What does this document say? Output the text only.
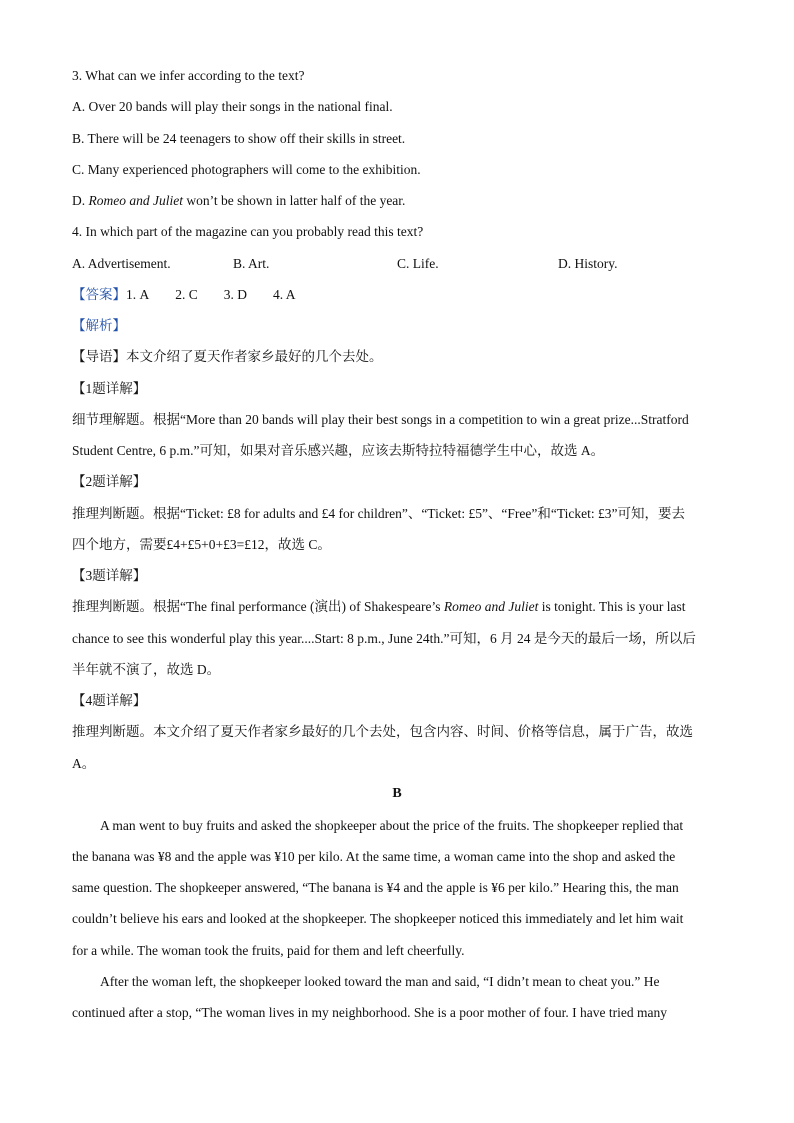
3. What can we infer according to the text?
A. Over 20 bands will play their songs in the national final.
B. There will be 24 teenagers to show off their skills in street.
C. Many experienced photographers will come to the exhibition.
D. Romeo and Juliet won’t be shown in latter half of the year.
4. In which part of the magazine can you probably read this text?
A. Advertisement.	B. Art.	C. Life.	D. History.
【答案】1. A 2. C 3. D 4. A
【解析】
【导语】本文介绍了夏天作者家乡最好的几个去处。
【1题详解】
细节理解题。根据“More than 20 bands will play their best songs in a competition to win a great prize...Stratford
Student Centre, 6 p.m.”可知，如果对音乐感兴趣，应该去斯特拉特福德学生中心，故选 A。
【2题详解】
推理判断题。根据“Ticket: £8 for adults and £4 for children”、“Ticket: £5”、“Free”和“Ticket: £3”可知，要去
四个地方，需要£4+£5+0+£3=£12，故选 C。
【3题详解】
推理判断题。根据“The final performance (演出) of Shakespeare’s Romeo and Juliet is tonight. This is your last
chance to see this wonderful play this year....Start: 8 p.m., June 24th.”可知，6 月 24 是今天的最后一场，所以后
半年就不演了，故选 D。
【4题详解】
推理判断题。本文介绍了夏天作者家乡最好的几个去处，包含内容、时间、价格等信息，属于广告，故选
A。
B
A man went to buy fruits and asked the shopkeeper about the price of the fruits. The shopkeeper replied that
the banana was ¥8 and the apple was ¥10 per kilo. At the same time, a woman came into the shop and asked the
same question. The shopkeeper answered, “The banana is ¥4 and the apple is ¥6 per kilo.” Hearing this, the man
couldn’t believe his ears and looked at the shopkeeper. The shopkeeper noticed this immediately and let him wait
for a while. The woman took the fruits, paid for them and left cheerfully.
After the woman left, the shopkeeper looked toward the man and said, “I didn’t mean to cheat you.” He
continued after a stop, “The woman lives in my neighborhood. She is a poor mother of four. I have tried many
